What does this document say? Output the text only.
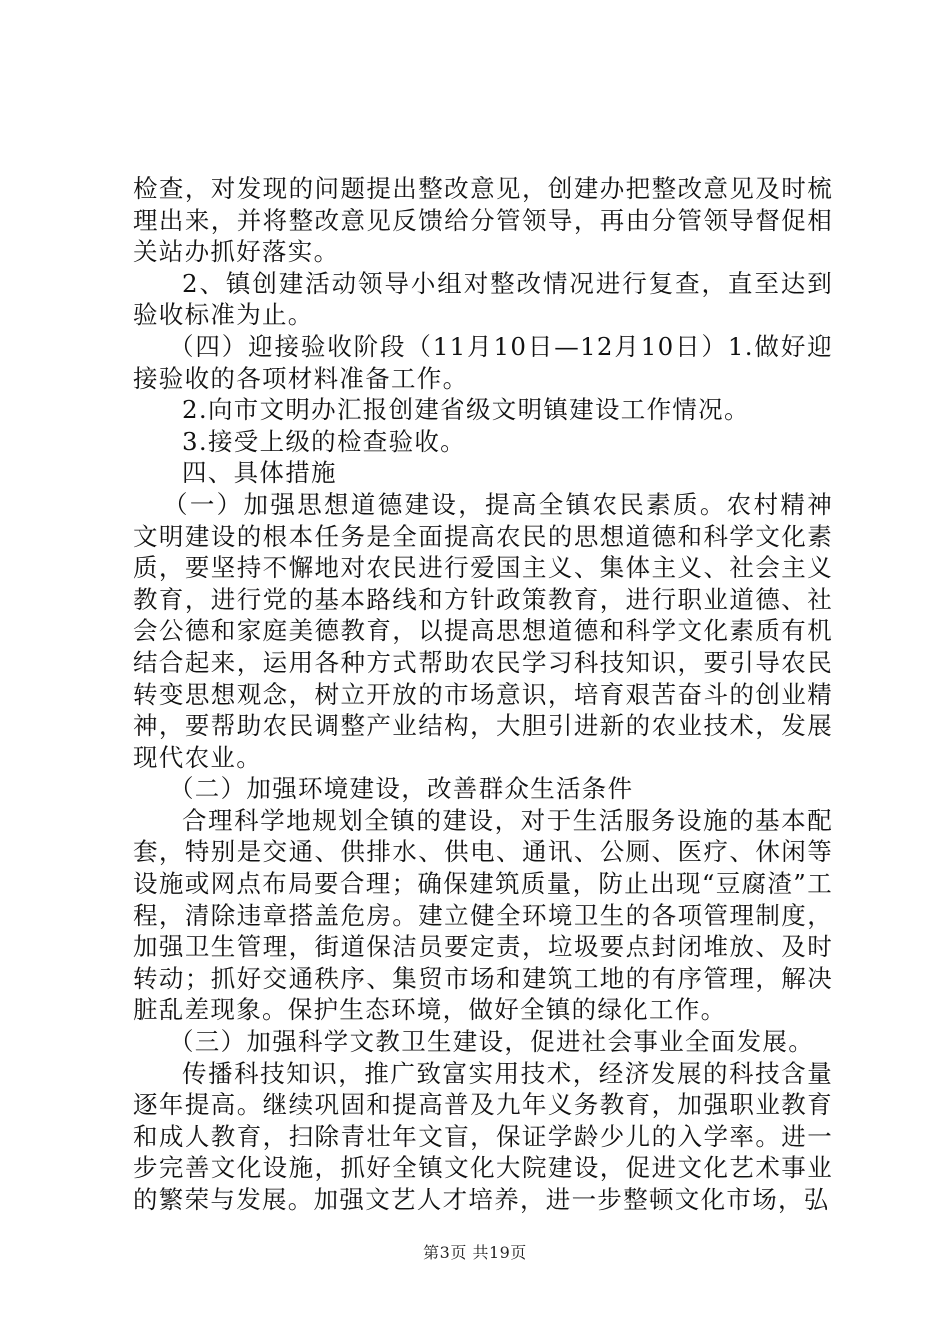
检查，对发现的问题提出整改意见，创建办把整改意见及时梳理出来，并将整改意见反馈给分管领导，再由分管领导督促相关站办抓好落实。

2、镇创建活动领导小组对整改情况进行复查，直至达到验收标准为止。

（四）迎接验收阶段（11月10日—12月10日）1.做好迎接验收的各项材料准备工作。

2.向市文明办汇报创建省级文明镇建设工作情况。

3.接受上级的检查验收。

四、具体措施

（一）加强思想道德建设，提高全镇农民素质。农村精神文明建设的根本任务是全面提高农民的思想道德和科学文化素质，要坚持不懈地对农民进行爱国主义、集体主义、社会主义教育，进行党的基本路线和方针政策教育，进行职业道德、社会公德和家庭美德教育，以提高思想道德和科学文化素质有机结合起来，运用各种方式帮助农民学习科技知识，要引导农民转变思想观念，树立开放的市场意识，培育艰苦奋斗的创业精神，要帮助农民调整产业结构，大胆引进新的农业技术，发展现代农业。

（二）加强环境建设，改善群众生活条件

合理科学地规划全镇的建设，对于生活服务设施的基本配套，特别是交通、供排水、供电、通讯、公厕、医疗、休闲等设施或网点布局要合理；确保建筑质量，防止出现“豆腐渣”工程，清除违章搭盖危房。建立健全环境卫生的各项管理制度，加强卫生管理，街道保洁员要定责，垃圾要点封闭堆放、及时转动；抓好交通秩序、集贸市场和建筑工地的有序管理，解决脏乱差现象。保护生态环境，做好全镇的绿化工作。

（三）加强科学文教卫生建设，促进社会事业全面发展。

传播科技知识，推广致富实用技术，经济发展的科技含量逐年提高。继续巩固和提高普及九年义务教育，加强职业教育和成人教育，扫除青壮年文盲，保证学龄少儿的入学率。进一步完善文化设施，抓好全镇文化大院建设，促进文化艺术事业的繁荣与发展。加强文艺人才培养，进一步整顿文化市场，弘

第3页 共19页
